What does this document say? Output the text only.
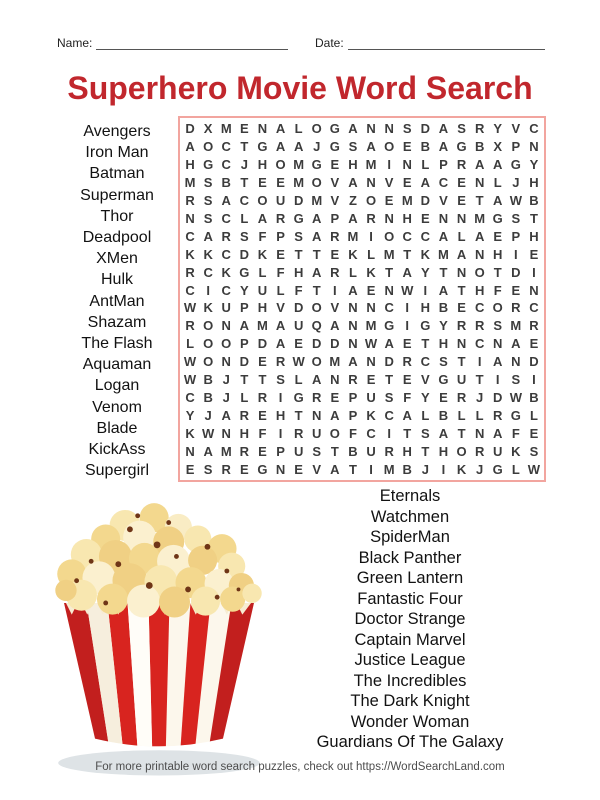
Name:	Date:
Superhero Movie Word Search
Avengers
Iron Man
Batman
Superman
Thor
Deadpool
XMen
Hulk
AntMan
Shazam
The Flash
Aquaman
Logan
Venom
Blade
KickAss
Supergirl
D X M E N A L O G A N N S D A S R Y V C
A O C T G A A J G S A O E B A G B X P N
H G C J H O M G E H M I N L P R A A G Y
M S B T E E M O V A N V E A C E N L J H
R S A C O U D M V Z O E M D V E T A W B
N S C L A R G A P A R N H E N N M G S T
C A R S F P S A R M I O C C A L A E P H
K K C D K E T T E K L M T K M A N H I E
R C K G L F H A R L K T A Y T N O T D I
C I C Y U L F T I A E N W I A T H F E N
W K U P H V D O V N N C I H B E C O R C
R O N A M A U Q A N M G I G Y R R S M R
L O O P D A E D D N W A E T H N C N A E
W O N D E R W O M A N D R C S T I A N D
W B J T T S L A N R E T E V G U T I S I
C B J L R I G R E P U S F Y E R J D W B
Y J A R E H T N A P K C A L B L L R G L
K W N H F I R U O F C I T S A T N A F E
N A M R E P U S T B U R H T H O R U K S
E S R E G N E V A T I M B J I K J G L W
Eternals
Watchmen
SpiderMan
Black Panther
Green Lantern
Fantastic Four
Doctor Strange
Captain Marvel
Justice League
The Incredibles
The Dark Knight
Wonder Woman
Guardians Of The Galaxy
For more printable word search puzzles, check out https://WordSearchLand.com
